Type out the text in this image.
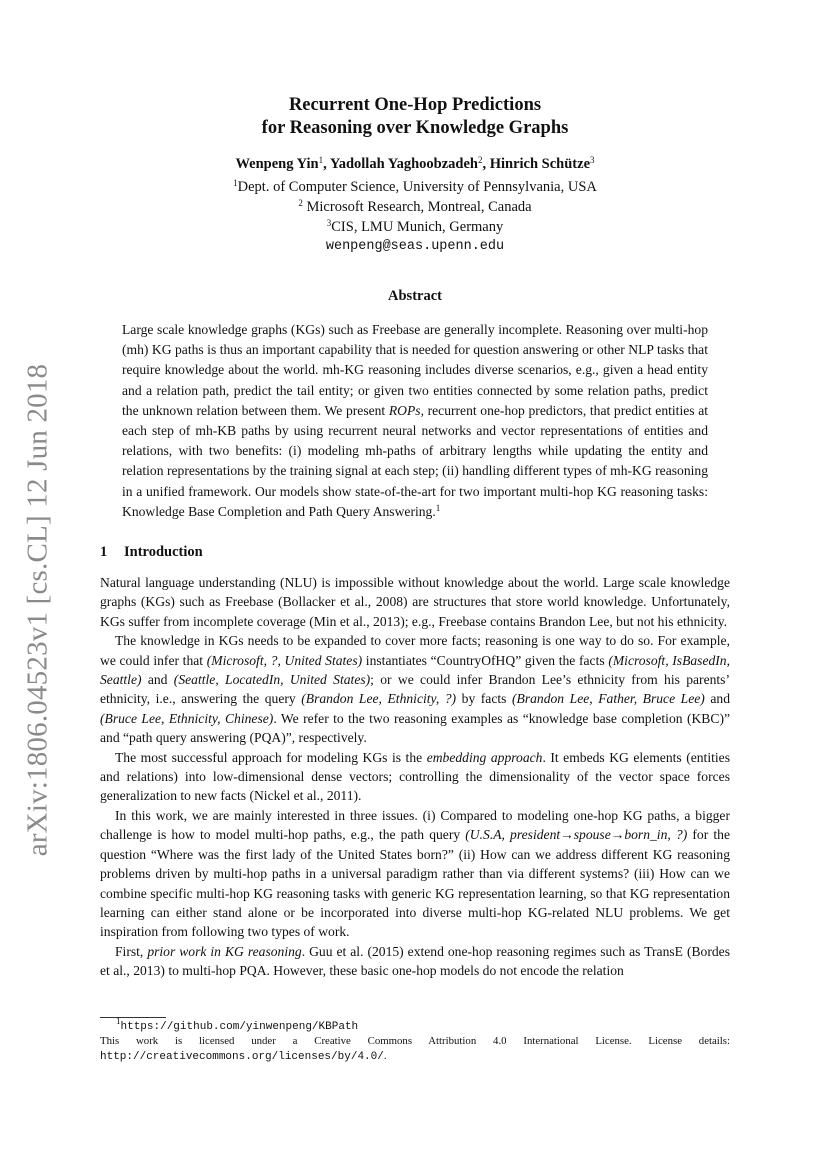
arXiv:1806.04523v1 [cs.CL] 12 Jun 2018
Recurrent One-Hop Predictions
for Reasoning over Knowledge Graphs
Wenpeng Yin$^1$, Yadollah Yaghoobzadeh$^2$, Hinrich Schütze$^3$
$^1$Dept. of Computer Science, University of Pennsylvania, USA
$^2$ Microsoft Research, Montreal, Canada
$^3$CIS, LMU Munich, Germany
wenpeng@seas.upenn.edu
Abstract

Large scale knowledge graphs (KGs) such as Freebase are generally incomplete. Reasoning over multi-hop (mh) KG paths is thus an important capability that is needed for question answering or other NLP tasks that require knowledge about the world. mh-KG reasoning includes diverse scenarios, e.g., given a head entity and a relation path, predict the tail entity; or given two entities connected by some relation paths, predict the unknown relation between them. We present ROPs, recurrent one-hop predictors, that predict entities at each step of mh-KB paths by using recurrent neural networks and vector representations of entities and relations, with two benefits: (i) modeling mh-paths of arbitrary lengths while updating the entity and relation representations by the training signal at each step; (ii) handling different types of mh-KG reasoning in a unified framework. Our models show state-of-the-art for two important multi-hop KG reasoning tasks: Knowledge Base Completion and Path Query Answering.$^1$

1 Introduction

Natural language understanding (NLU) is impossible without knowledge about the world. Large scale knowledge graphs (KGs) such as Freebase (Bollacker et al., 2008) are structures that store world knowledge. Unfortunately, KGs suffer from incomplete coverage (Min et al., 2013); e.g., Freebase contains Brandon Lee, but not his ethnicity.

The knowledge in KGs needs to be expanded to cover more facts; reasoning is one way to do so. For example, we could infer that (Microsoft, ?, United States) instantiates “CountryOfHQ” given the facts (Microsoft, IsBasedIn, Seattle) and (Seattle, LocatedIn, United States); or we could infer Brandon Lee’s ethnicity from his parents’ ethnicity, i.e., answering the query (Brandon Lee, Ethnicity, ?) by facts (Brandon Lee, Father, Bruce Lee) and (Bruce Lee, Ethnicity, Chinese). We refer to the two reasoning examples as “knowledge base completion (KBC)” and “path query answering (PQA)”, respectively.

The most successful approach for modeling KGs is the embedding approach. It embeds KG elements (entities and relations) into low-dimensional dense vectors; controlling the dimensionality of the vector space forces generalization to new facts (Nickel et al., 2011).

In this work, we are mainly interested in three issues. (i) Compared to modeling one-hop KG paths, a bigger challenge is how to model multi-hop paths, e.g., the path query (U.S.A, president→spouse→born_in, ?) for the question “Where was the first lady of the United States born?” (ii) How can we address different KG reasoning problems driven by multi-hop paths in a universal paradigm rather than via different systems? (iii) How can we combine specific multi-hop KG reasoning tasks with generic KG representation learning, so that KG representation learning can either stand alone or be incorporated into diverse multi-hop KG-related NLU problems. We get inspiration from following two types of work.

First, prior work in KG reasoning. Guu et al. (2015) extend one-hop reasoning regimes such as TransE (Bordes et al., 2013) to multi-hop PQA. However, these basic one-hop models do not encode the relation

$^1$https://github.com/yinwenpeng/KBPath

This work is licensed under a Creative Commons Attribution 4.0 International License. License details: http://creativecommons.org/licenses/by/4.0/.
